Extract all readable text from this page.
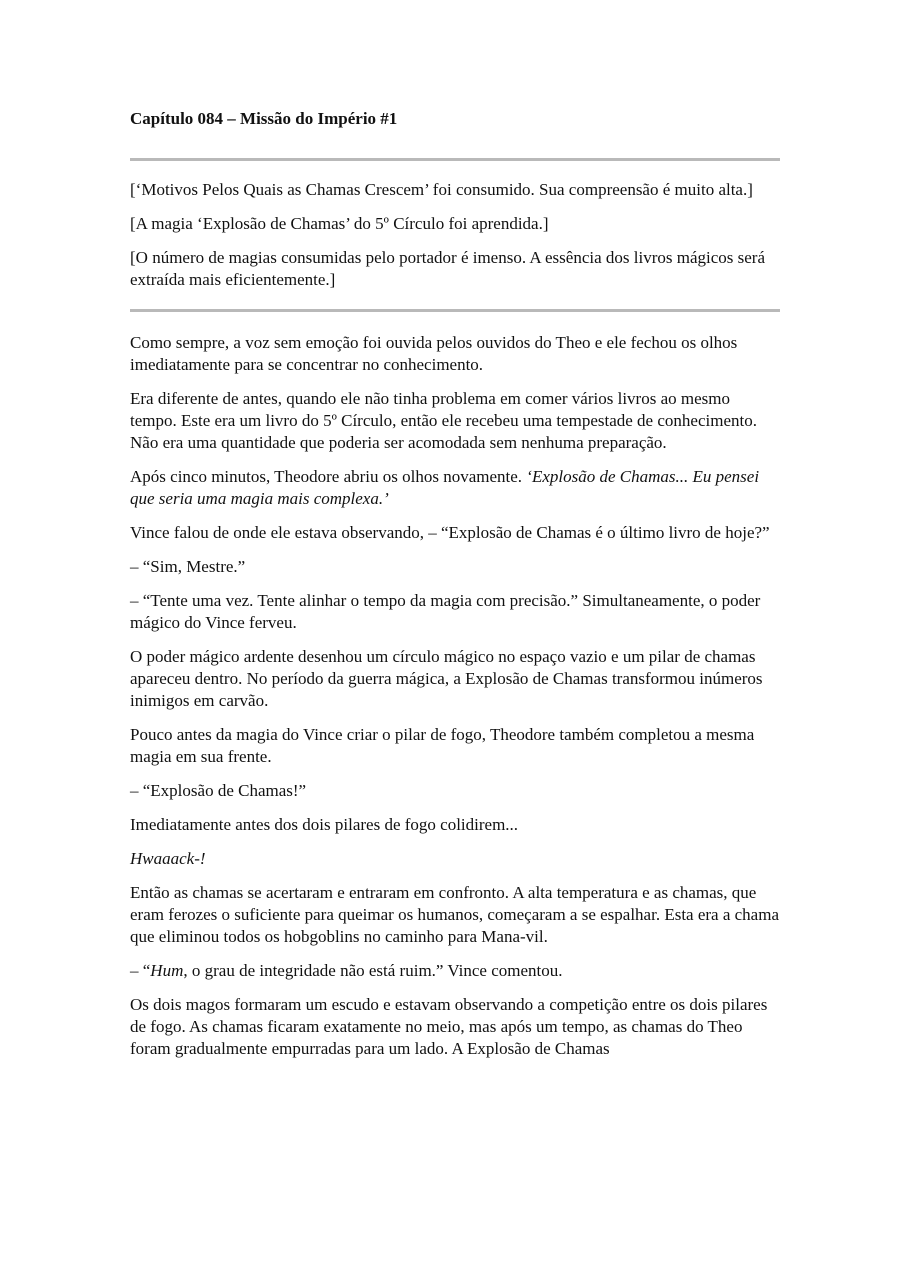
Capítulo 084 – Missão do Império #1

[‘Motivos Pelos Quais as Chamas Crescem’ foi consumido. Sua compreensão é muito alta.]

[A magia ‘Explosão de Chamas’ do 5º Círculo foi aprendida.]

[O número de magias consumidas pelo portador é imenso. A essência dos livros mágicos será extraída mais eficientemente.]

Como sempre, a voz sem emoção foi ouvida pelos ouvidos do Theo e ele fechou os olhos imediatamente para se concentrar no conhecimento.

Era diferente de antes, quando ele não tinha problema em comer vários livros ao mesmo tempo. Este era um livro do 5º Círculo, então ele recebeu uma tempestade de conhecimento. Não era uma quantidade que poderia ser acomodada sem nenhuma preparação.

Após cinco minutos, Theodore abriu os olhos novamente. ‘Explosão de Chamas... Eu pensei que seria uma magia mais complexa.’

Vince falou de onde ele estava observando, – “Explosão de Chamas é o último livro de hoje?”

– “Sim, Mestre.”

– “Tente uma vez. Tente alinhar o tempo da magia com precisão.” Simultaneamente, o poder mágico do Vince ferveu.

O poder mágico ardente desenhou um círculo mágico no espaço vazio e um pilar de chamas apareceu dentro. No período da guerra mágica, a Explosão de Chamas transformou inúmeros inimigos em carvão.

Pouco antes da magia do Vince criar o pilar de fogo, Theodore também completou a mesma magia em sua frente.

– “Explosão de Chamas!”

Imediatamente antes dos dois pilares de fogo colidirem...

Hwaaack-!

Então as chamas se acertaram e entraram em confronto. A alta temperatura e as chamas, que eram ferozes o suficiente para queimar os humanos, começaram a se espalhar. Esta era a chama que eliminou todos os hobgoblins no caminho para Mana-vil.

– “Hum, o grau de integridade não está ruim.” Vince comentou.

Os dois magos formaram um escudo e estavam observando a competição entre os dois pilares de fogo. As chamas ficaram exatamente no meio, mas após um tempo, as chamas do Theo foram gradualmente empurradas para um lado. A Explosão de Chamas
